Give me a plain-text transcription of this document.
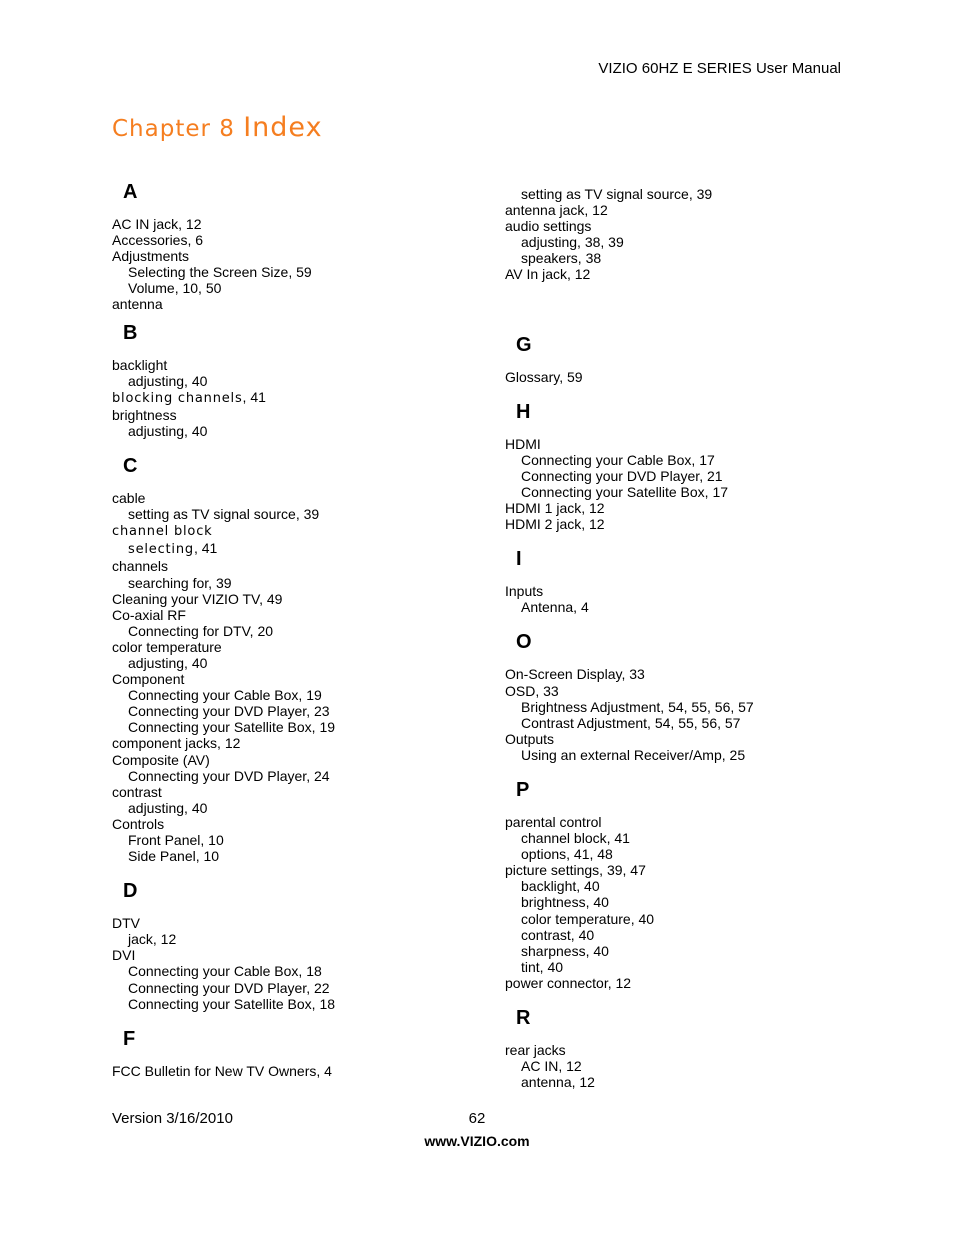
VIZIO 60HZ E SERIES User Manual
Chapter 8 Index
A
AC IN jack, 12
Accessories, 6
Adjustments
Selecting the Screen Size, 59
Volume, 10, 50
antenna
B
backlight
adjusting, 40
blocking channels, 41
brightness
adjusting, 40
C
cable
setting as TV signal source, 39
channel block
selecting, 41
channels
searching for, 39
Cleaning your VIZIO TV, 49
Co-axial RF
Connecting for DTV, 20
color temperature
adjusting, 40
Component
Connecting your Cable Box, 19
Connecting your DVD Player, 23
Connecting your Satellite Box, 19
component jacks, 12
Composite (AV)
Connecting your DVD Player, 24
contrast
adjusting, 40
Controls
Front Panel, 10
Side Panel, 10
D
DTV
jack, 12
DVI
Connecting your Cable Box, 18
Connecting your DVD Player, 22
Connecting your Satellite Box, 18
F
FCC Bulletin for New TV Owners, 4
setting as TV signal source, 39
antenna jack, 12
audio settings
adjusting, 38, 39
speakers, 38
AV In jack, 12
G
Glossary, 59
H
HDMI
Connecting your Cable Box, 17
Connecting your DVD Player, 21
Connecting your Satellite Box, 17
HDMI 1 jack, 12
HDMI 2 jack, 12
I
Inputs
Antenna, 4
O
On-Screen Display, 33
OSD, 33
Brightness Adjustment, 54, 55, 56, 57
Contrast Adjustment, 54, 55, 56, 57
Outputs
Using an external Receiver/Amp, 25
P
parental control
channel block, 41
options, 41, 48
picture settings, 39, 47
backlight, 40
brightness, 40
color temperature, 40
contrast, 40
sharpness, 40
tint, 40
power connector, 12
R
rear jacks
AC IN, 12
antenna, 12
Version 3/16/2010	62
www.VIZIO.com
